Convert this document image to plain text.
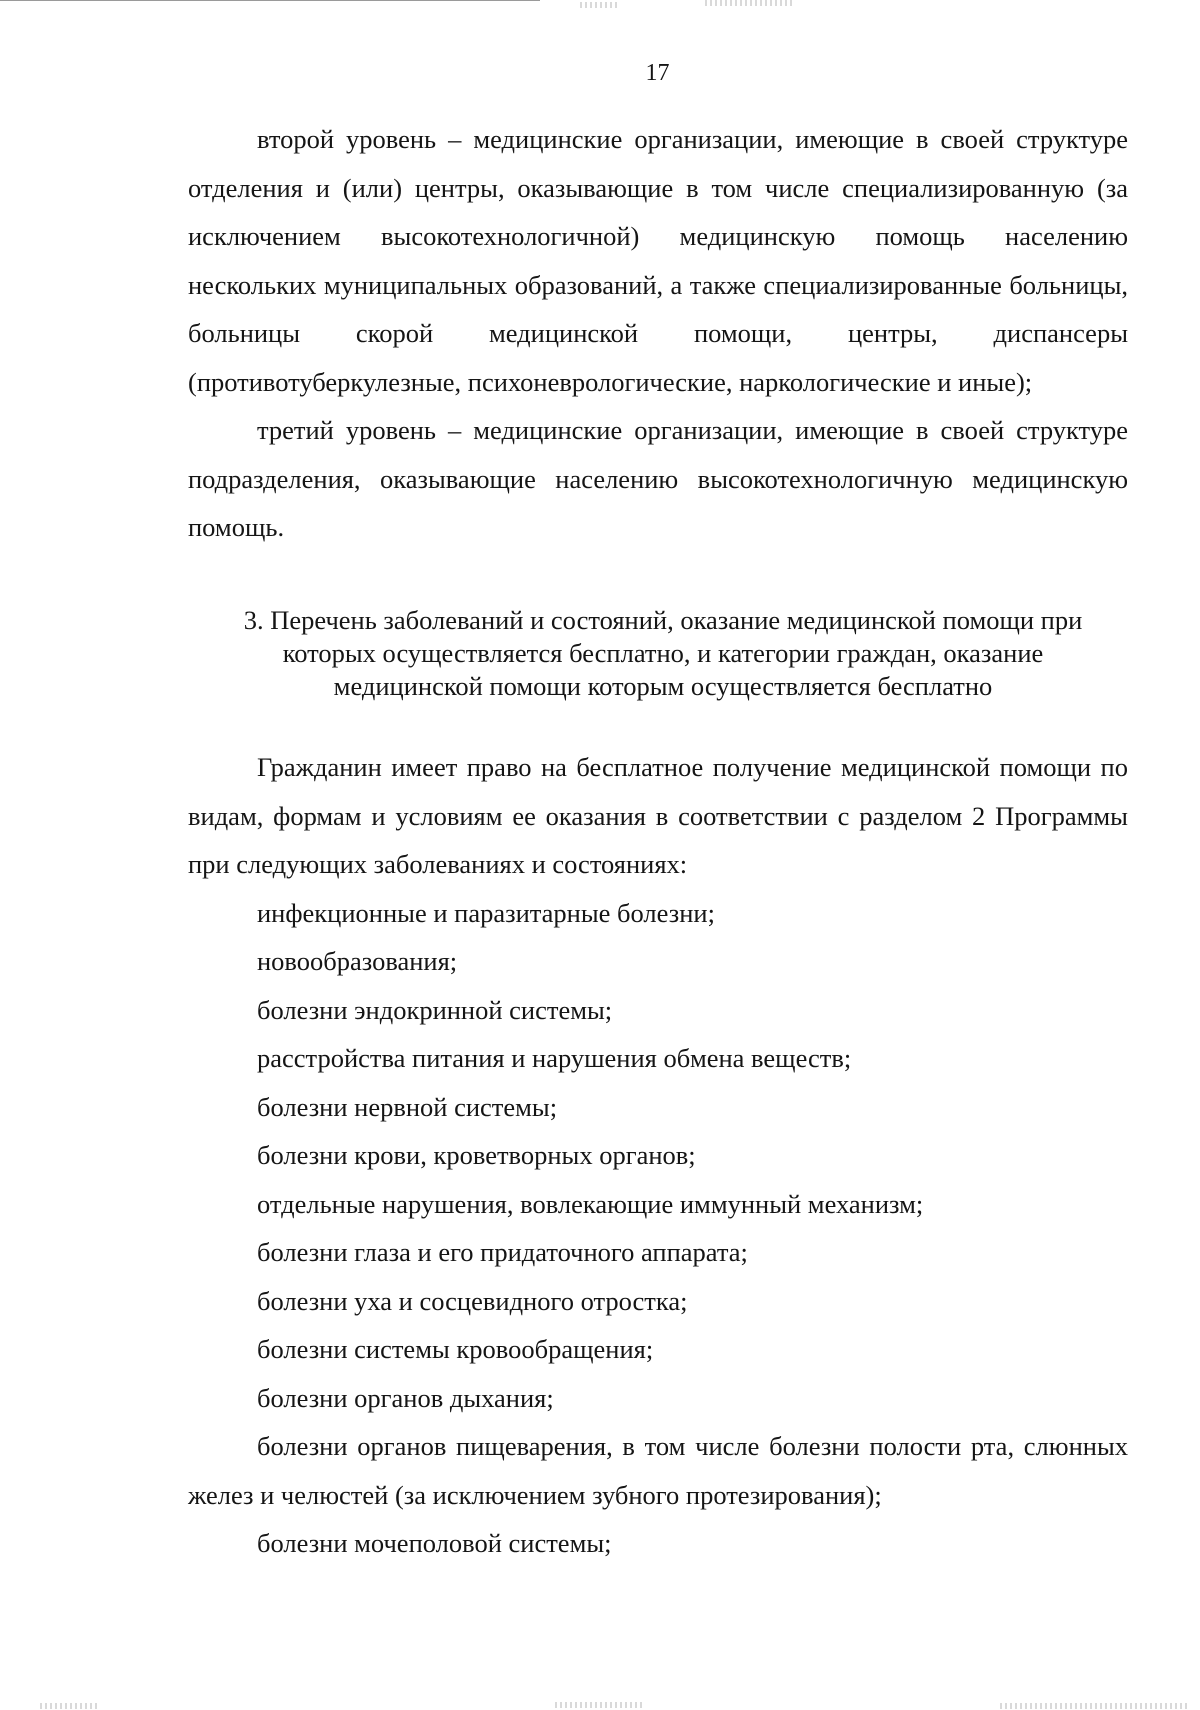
17

второй уровень – медицинские организации, имеющие в своей структуре отделения и (или) центры, оказывающие в том числе специализированную (за исключением высокотехнологичной) медицинскую помощь населению нескольких муниципальных образований, а также специализированные больницы, больницы скорой медицинской помощи, центры, диспансеры (противотуберкулезные, психоневрологические, наркологические и иные);

третий уровень – медицинские организации, имеющие в своей структуре подразделения, оказывающие населению высокотехнологичную медицинскую помощь.

3. Перечень заболеваний и состояний, оказание медицинской помощи при
которых осуществляется бесплатно, и категории граждан, оказание
медицинской помощи которым осуществляется бесплатно

Гражданин имеет право на бесплатное получение медицинской помощи по видам, формам и условиям ее оказания в соответствии с разделом 2 Программы при следующих заболеваниях и состояниях:

инфекционные и паразитарные болезни;

новообразования;

болезни эндокринной системы;

расстройства питания и нарушения обмена веществ;

болезни нервной системы;

болезни крови, кроветворных органов;

отдельные нарушения, вовлекающие иммунный механизм;

болезни глаза и его придаточного аппарата;

болезни уха и сосцевидного отростка;

болезни системы кровообращения;

болезни органов дыхания;

болезни органов пищеварения, в том числе болезни полости рта, слюнных желез и челюстей (за исключением зубного протезирования);

болезни мочеполовой системы;
